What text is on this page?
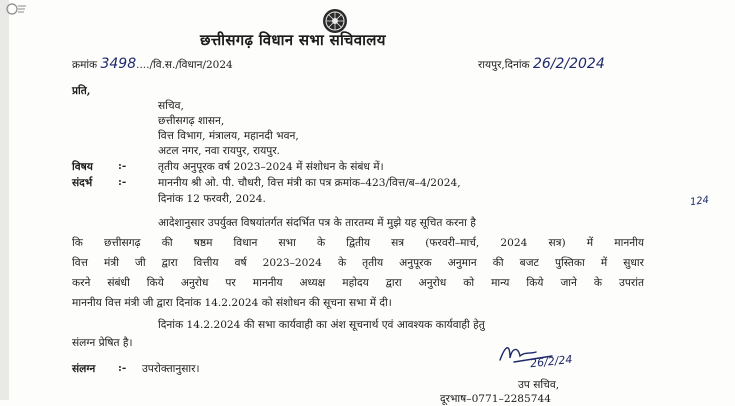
छत्तीसगढ़ विधान सभा सचिवालय
क्रमांक 3498..../वि.स./विधान/2024	रायपुर,दिनांक 26/2/2024
प्रति,
सचिव,
छत्तीसगढ़ शासन,
वित्त विभाग, मंत्रालय, महानदी भवन,
अटल नगर, नवा रायपुर, रायपुर.
विषय :-	तृतीय अनुपूरक वर्ष 2023–2024 में संशोधन के संबंध में।
संदर्भ :-	माननीय श्री ओ. पी. चौधरी, वित्त मंत्री का पत्र क्रमांक–423/वित्त/ब–4/2024,
दिनांक 12 फरवरी, 2024.	124
आदेशानुसार उपर्युक्त विषयांतर्गत संदर्भित पत्र के तारतम्य में मुझे यह सूचित करना है
कि छत्तीसगढ़ की षष्ठम विधान सभा के द्वितीय सत्र (फरवरी–मार्च, 2024 सत्र) में माननीय
वित्त मंत्री जी द्वारा वित्तीय वर्ष 2023–2024 के तृतीय अनुपूरक अनुमान की बजट पुस्तिका में सुधार
करने संबंधी किये अनुरोध पर माननीय अध्यक्ष महोदय द्वारा अनुरोध को मान्य किये जाने के उपरांत
माननीय वित्त मंत्री जी द्वारा दिनांक 14.2.2024 को संशोधन की सूचना सभा में दी।
दिनांक 14.2.2024 की सभा कार्यवाही का अंश सूचनार्थ एवं आवश्यक कार्यवाही हेतु
संलग्न प्रेषित है।
संलग्न :- उपरोक्तानुसार।	26/2/24
उप सचिव,
दूरभाष–0771–2285744
